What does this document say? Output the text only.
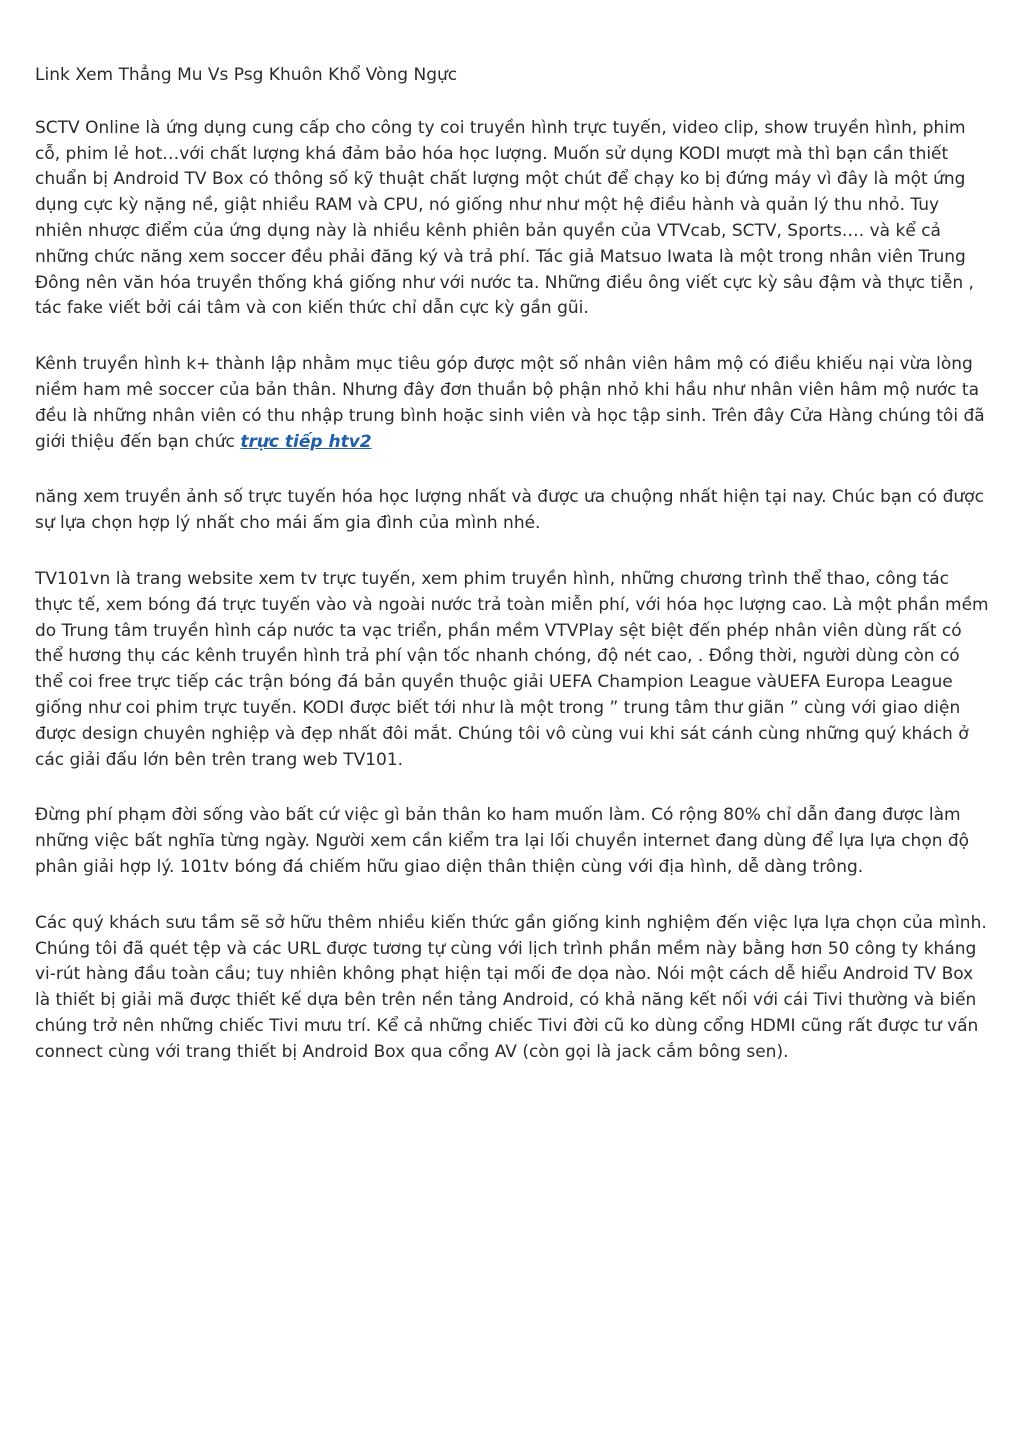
Link Xem Thẳng Mu Vs Psg Khuôn Khổ Vòng Ngực

SCTV Online là ứng dụng cung cấp cho công ty coi truyền hình trực tuyến, video clip, show truyền hình, phim cỗ, phim lẻ hot…với chất lượng khá đảm bảo hóa học lượng. Muốn sử dụng KODI mượt mà thì bạn cần thiết chuẩn bị Android TV Box có thông số kỹ thuật chất lượng một chút để chạy ko bị đứng máy vì đây là một ứng dụng cực kỳ nặng nề, giật nhiều RAM và CPU, nó giống như như một hệ điều hành và quản lý thu nhỏ. Tuy nhiên nhược điểm của ứng dụng này là nhiều kênh phiên bản quyền của VTVcab, SCTV, Sports…. và kể cả những chức năng xem soccer đều phải đăng ký và trả phí. Tác giả Matsuo Iwata là một trong nhân viên Trung Đông nên văn hóa truyền thống khá giống như với nước ta. Những điều ông viết cực kỳ sâu đậm và thực tiễn , tác fake viết bởi cái tâm và con kiến thức chỉ dẫn cực kỳ gần gũi.

Kênh truyền hình k+ thành lập nhằm mục tiêu góp được một số nhân viên hâm mộ có điều khiếu nại vừa lòng niềm ham mê soccer của bản thân. Nhưng đây đơn thuần bộ phận nhỏ khi hầu như nhân viên hâm mộ nước ta đều là những nhân viên có thu nhập trung bình hoặc sinh viên và học tập sinh. Trên đây Cửa Hàng chúng tôi đã giới thiệu đến bạn chức trực tiếp htv2

năng xem truyền ảnh số trực tuyến hóa học lượng nhất và được ưa chuộng nhất hiện tại nay. Chúc bạn có được sự lựa chọn hợp lý nhất cho mái ấm gia đình của mình nhé.

TV101vn là trang website xem tv trực tuyến, xem phim truyền hình, những chương trình thể thao, công tác thực tế, xem bóng đá trực tuyến vào và ngoài nước trả toàn miễn phí, với hóa học lượng cao. Là một phần mềm do Trung tâm truyền hình cáp nước ta vạc triển, phần mềm VTVPlay sệt biệt đến phép nhân viên dùng rất có thể hương thụ các kênh truyền hình trả phí vận tốc nhanh chóng, độ nét cao, . Đồng thời, người dùng còn có thể coi free trực tiếp các trận bóng đá bản quyền thuộc giải UEFA Champion League vàUEFA Europa League giống như coi phim trực tuyến. KODI được biết tới như là một trong ” trung tâm thư giãn ” cùng với giao diện được design chuyên nghiệp và đẹp nhất đôi mắt. Chúng tôi vô cùng vui khi sát cánh cùng những quý khách ở các giải đấu lớn bên trên trang web TV101.

Đừng phí phạm đời sống vào bất cứ việc gì bản thân ko ham muốn làm. Có rộng 80% chỉ dẫn đang được làm những việc bất nghĩa từng ngày. Người xem cần kiểm tra lại lối chuyền internet đang dùng để lựa lựa chọn độ phân giải hợp lý. 101tv bóng đá chiếm hữu giao diện thân thiện cùng với địa hình, dễ dàng trông.

Các quý khách sưu tầm sẽ sở hữu thêm nhiều kiến thức gần giống kinh nghiệm đến việc lựa lựa chọn của mình. Chúng tôi đã quét tệp và các URL được tương tự cùng với lịch trình phần mềm này bằng hơn 50 công ty kháng vi-rút hàng đầu toàn cầu; tuy nhiên không phạt hiện tại mối đe dọa nào. Nói một cách dễ hiểu Android TV Box là thiết bị giải mã được thiết kế dựa bên trên nền tảng Android, có khả năng kết nối với cái Tivi thường và biến chúng trở nên những chiếc Tivi mưu trí. Kể cả những chiếc Tivi đời cũ ko dùng cổng HDMI cũng rất được tư vấn connect cùng với trang thiết bị Android Box qua cổng AV (còn gọi là jack cắm bông sen).
